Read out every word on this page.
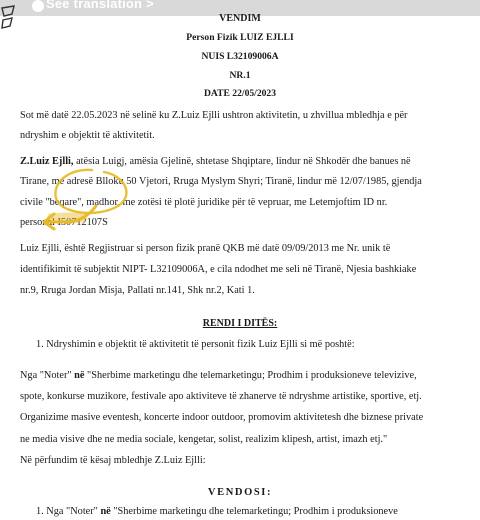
See translation >
VENDIM
Person Fizik LUIZ EJLLI
NUIS L32109006A
NR.1
DATE 22/05/2023
Sot më datë 22.05.2023 në selinë ku Z.Luiz Ejlli ushtron aktivitetin, u zhvillua mbledhja e për
ndryshim e objektit të aktivitetit.
Z.Luiz Ejlli, atësia Luigj, amësia Gjelinë, shtetase Shqiptare, lindur në Shkodër dhe banues në
Tirane, me adresë Blloku 50 Vjetori, Rruga Myslym Shyri; Tiranë, lindur më 12/07/1985, gjendja
civile "beqare", madhor, me zotësi të plotë juridike për të vepruar, me Letemjoftim ID nr.
personal I50712107S
Luiz Ejlli, është Regjistruar si person fizik pranë QKB më datë 09/09/2013 me Nr. unik të
identifikimit të subjektit NIPT- L32109006A, e cila ndodhet me seli në Tiranë, Njesia bashkiake
nr.9, Rruga Jordan Misja, Pallati nr.141, Shk nr.2, Kati 1.
RENDI I DITËS:
1. Ndryshimin e objektit të aktivitetit të personit fizik Luiz Ejlli si më poshtë:
Nga "Noter" në "Sherbime marketingu dhe telemarketingu; Prodhim i produksioneve televizive,
spote, konkurse muzikore, festivale apo aktiviteve të zhanerve të ndryshme artistike, sportive, etj.
Organizime masive eventesh, koncerte indoor outdoor, promovim aktivitetesh dhe biznese private
ne media visive dhe ne media sociale, kengetar, solist, realizim klipesh, artist, imazh etj."
Në përfundim të kësaj mbledhje Z.Luiz Ejlli:
VENDOSI:
1. Nga "Noter" në "Sherbime marketingu dhe telemarketingu; Prodhim i produksioneve
